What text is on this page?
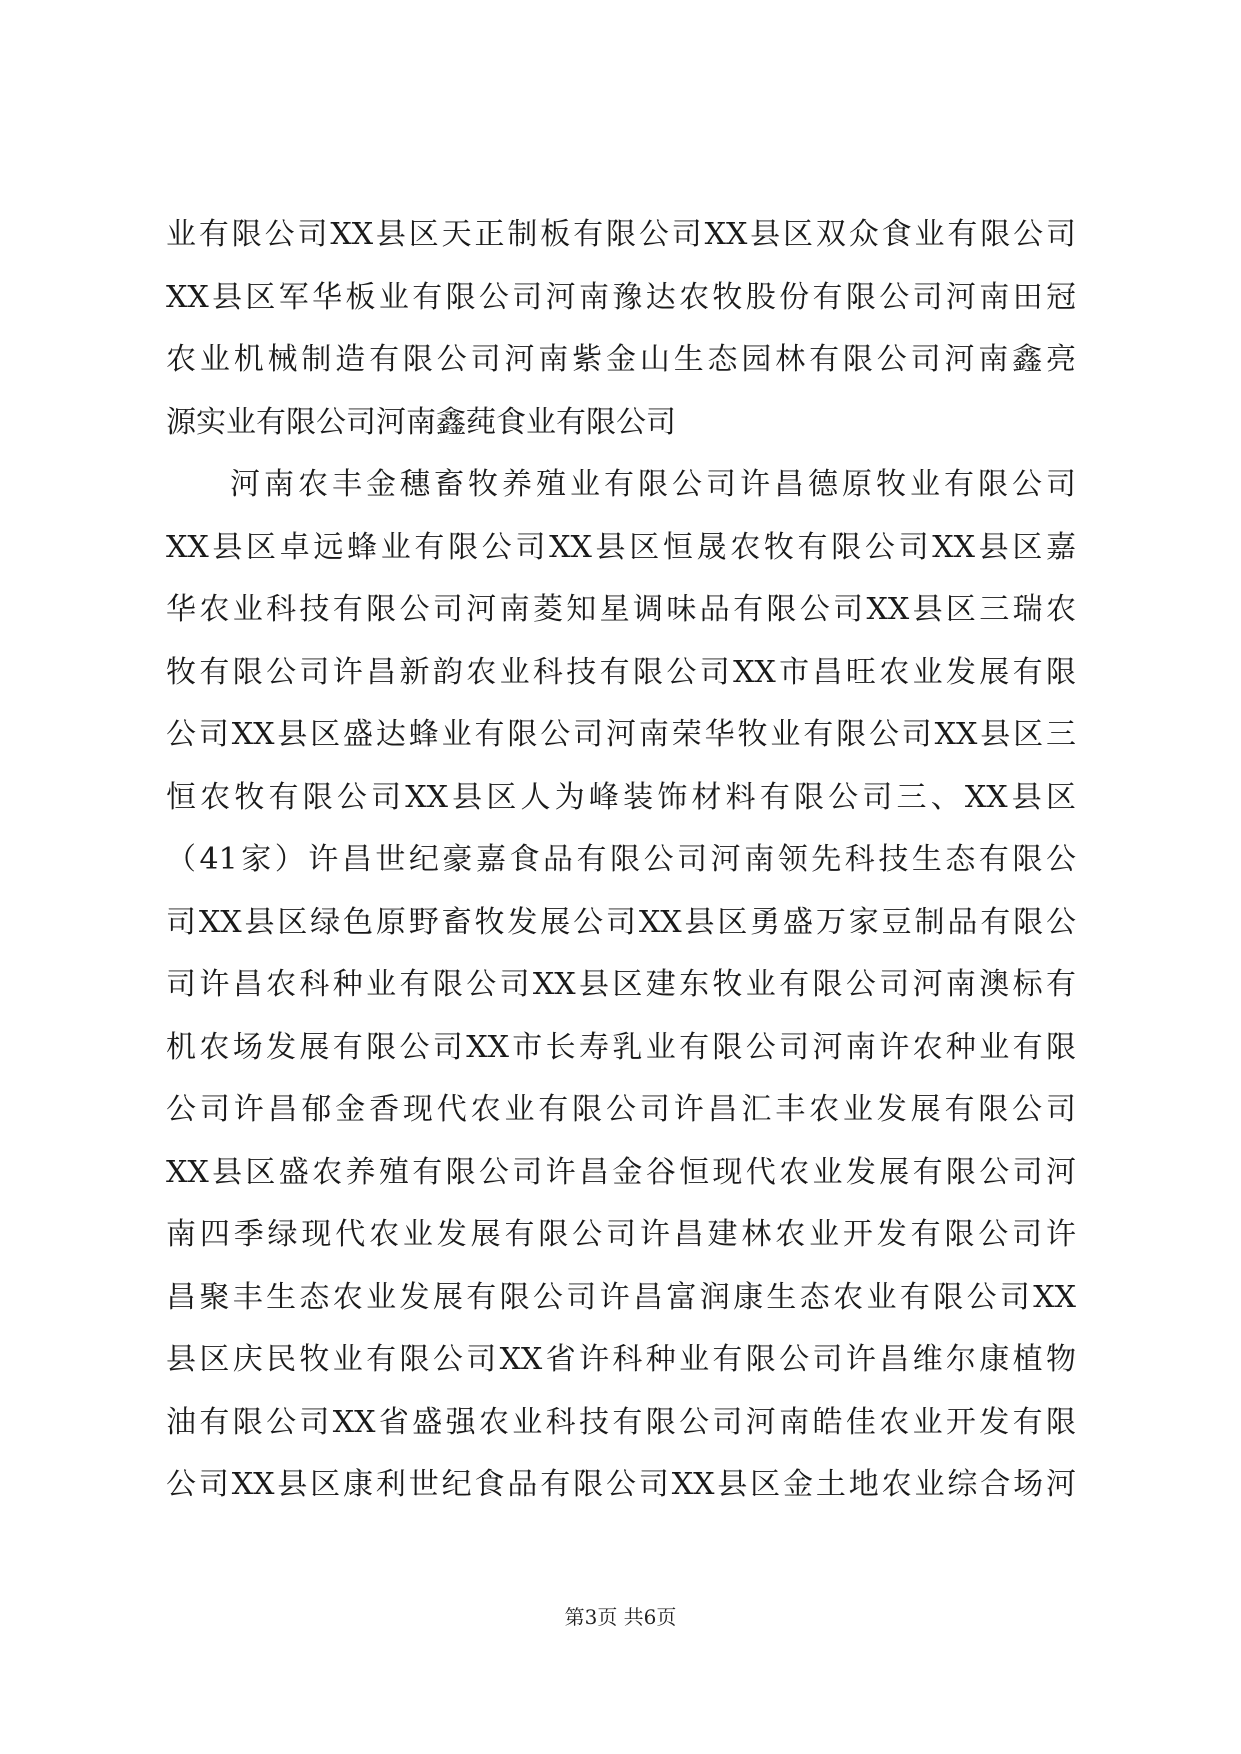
业有限公司XX县区天正制板有限公司XX县区双众食业有限公司
XX县区军华板业有限公司河南豫达农牧股份有限公司河南田冠
农业机械制造有限公司河南紫金山生态园林有限公司河南鑫亮
源实业有限公司河南鑫莼食业有限公司
河南农丰金穗畜牧养殖业有限公司许昌德原牧业有限公司
XX县区卓远蜂业有限公司XX县区恒晟农牧有限公司XX县区嘉
华农业科技有限公司河南菱知星调味品有限公司XX县区三瑞农
牧有限公司许昌新韵农业科技有限公司XX市昌旺农业发展有限
公司XX县区盛达蜂业有限公司河南荣华牧业有限公司XX县区三
恒农牧有限公司XX县区人为峰装饰材料有限公司三、XX县区
（41家）许昌世纪豪嘉食品有限公司河南领先科技生态有限公
司XX县区绿色原野畜牧发展公司XX县区勇盛万家豆制品有限公
司许昌农科种业有限公司XX县区建东牧业有限公司河南澳标有
机农场发展有限公司XX市长寿乳业有限公司河南许农种业有限
公司许昌郁金香现代农业有限公司许昌汇丰农业发展有限公司
XX县区盛农养殖有限公司许昌金谷恒现代农业发展有限公司河
南四季绿现代农业发展有限公司许昌建林农业开发有限公司许
昌聚丰生态农业发展有限公司许昌富润康生态农业有限公司XX
县区庆民牧业有限公司XX省许科种业有限公司许昌维尔康植物
油有限公司XX省盛强农业科技有限公司河南皓佳农业开发有限
公司XX县区康利世纪食品有限公司XX县区金土地农业综合场河
第3页 共6页
